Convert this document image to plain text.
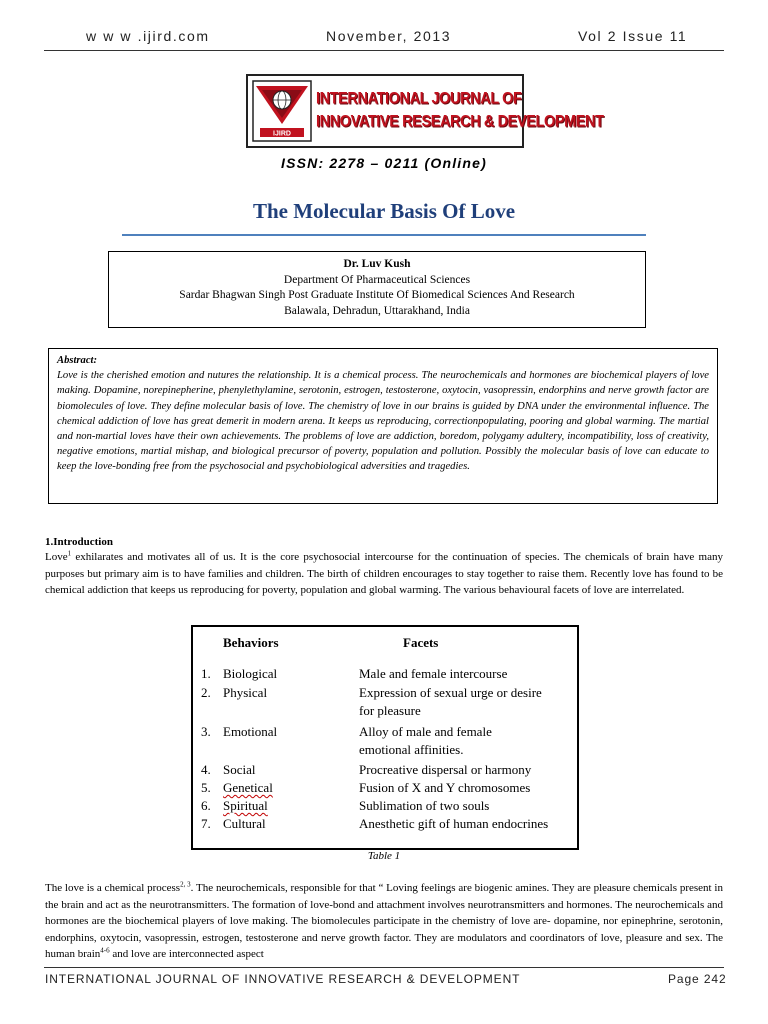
w w w .ijird.com	November, 2013	Vol 2 Issue 11
IJIRD
INTERNATIONAL JOURNAL OF
INNOVATIVE RESEARCH & DEVELOPMENT
ISSN: 2278 – 0211 (Online)
The Molecular Basis Of Love
Dr. Luv Kush
Department Of Pharmaceutical Sciences
Sardar Bhagwan Singh Post Graduate Institute Of Biomedical Sciences And Research
Balawala, Dehradun, Uttarakhand, India
Abstract:
Love is the cherished emotion and nutures the relationship. It is a chemical process. The neurochemicals and hormones are biochemical players of love making. Dopamine, norepinepherine, phenylethylamine, serotonin, estrogen, testosterone, oxytocin, vasopressin, endorphins and nerve growth factor are biomolecules of love. They define molecular basis of love. The chemistry of love in our brains is guided by DNA under the environmental influence. The chemical addiction of love has great demerit in modern arena. It keeps us reproducing, correctionpopulating, pooring and global warming. The martial and non-martial loves have their own achievements. The problems of love are addiction, boredom, polygamy adultery, incompatibility, loss of creativity, negative emotions, martial mishap, and biological precursor of poverty, population and pollution. Possibly the molecular basis of love can educate to keep the love-bonding free from the psychosocial and psychobiological adversities and tragedies.
1.Introduction
Love$^1$ exhilarates and motivates all of us. It is the core psychosocial intercourse for the continuation of species. The chemicals of brain have many purposes but primary aim is to have families and children. The birth of children encourages to stay together to raise them. Recently love has found to be chemical addiction that keeps us reproducing for poverty, population and global warming. The various behavioural facets of love are interrelated.
Behaviors	Facets
1. Biological	Male and female intercourse
2. Physical	Expression of sexual urge or desire for pleasure
3. Emotional	Alloy of male and female emotional affinities.
4. Social	Procreative dispersal or harmony
5. Genetical	Fusion of X and Y chromosomes
6. Spiritual	Sublimation of two souls
7. Cultural	Anesthetic gift of human endocrines
Table 1
The love is a chemical process$^{2, 3}$. The neurochemicals, responsible for that “ Loving feelings are biogenic amines. They are pleasure chemicals present in the brain and act as the neurotransmitters. The formation of love-bond and attachment involves neurotransmitters and hormones. The neurochemicals and hormones are the biochemical players of love making. The biomolecules participate in the chemistry of love are- dopamine, nor epinephrine, serotonin, endorphins, oxytocin, vasopressin, estrogen, testosterone and nerve growth factor. They are modulators and coordinators of love, pleasure and sex. The human brain$^{4-6}$ and love are interconnected aspect
INTERNATIONAL JOURNAL OF INNOVATIVE RESEARCH & DEVELOPMENT	Page 242
